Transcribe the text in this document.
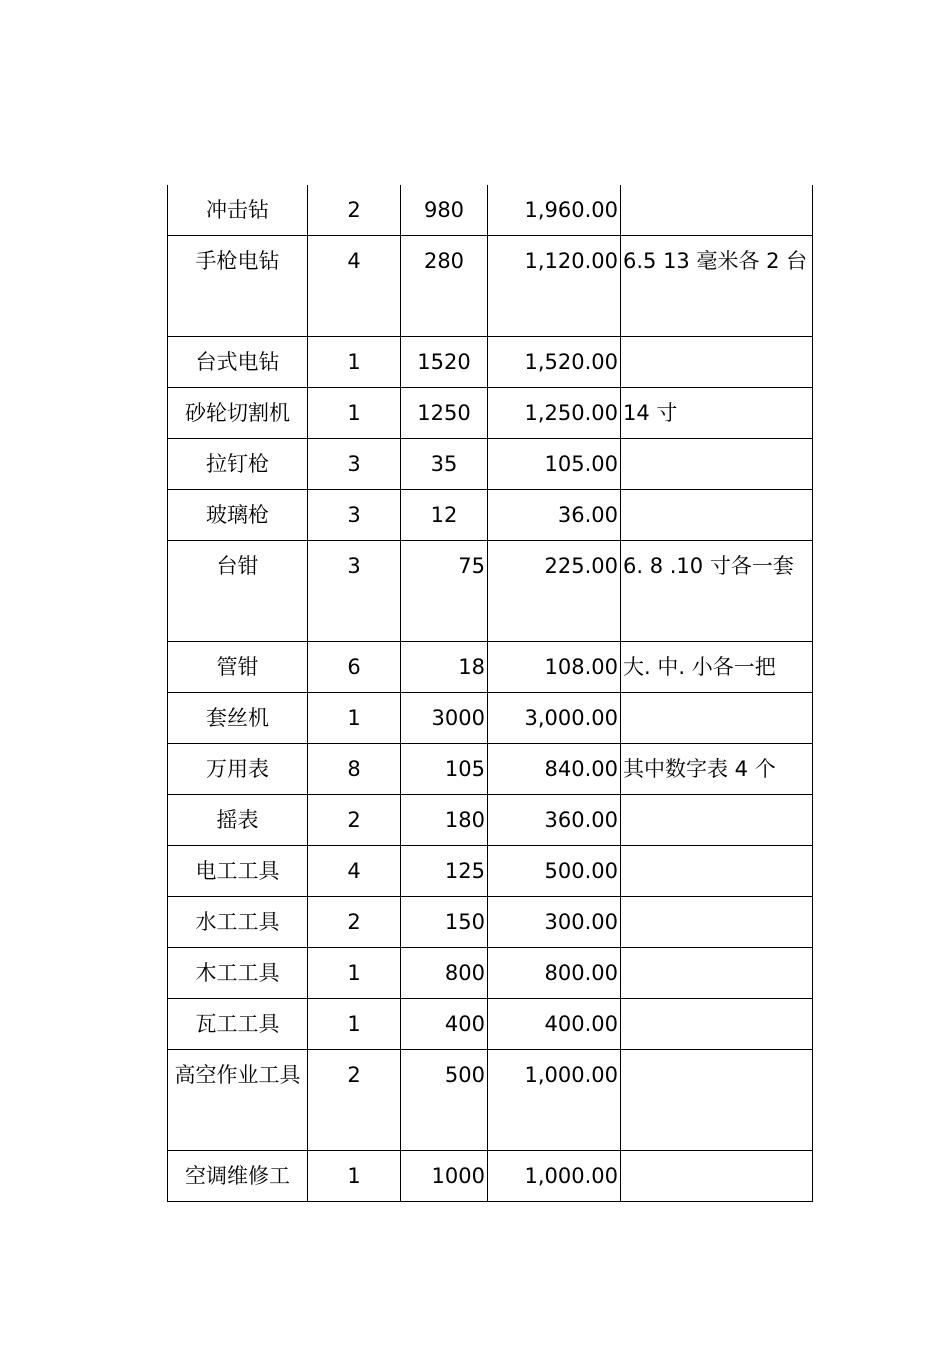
冲击钻	2	980	1,960.00	
手枪电钻	4	280	1,120.00	6.5 13 毫米各 2 台
台式电钻	1	1520	1,520.00	
砂轮切割机	1	1250	1,250.00	14 寸
拉钉枪	3	35	105.00	
玻璃枪	3	12	36.00	
台钳	3	75	225.00	6. 8 .10 寸各一套
管钳	6	18	108.00	大. 中. 小各一把
套丝机	1	3000	3,000.00	
万用表	8	105	840.00	其中数字表 4 个
摇表	2	180	360.00	
电工工具	4	125	500.00	
水工工具	2	150	300.00	
木工工具	1	800	800.00	
瓦工工具	1	400	400.00	
高空作业工具	2	500	1,000.00	
空调维修工	1	1000	1,000.00	
